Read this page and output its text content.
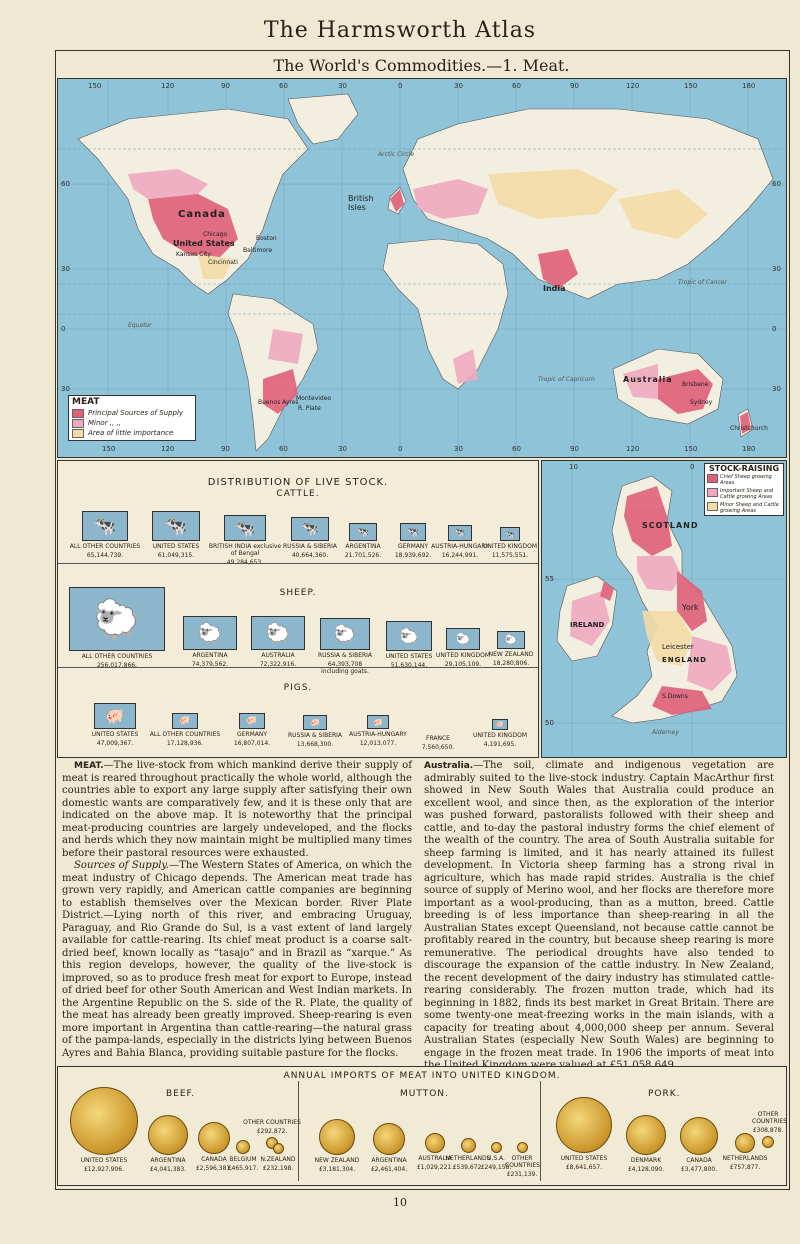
The Harmsworth Atlas
The World's Commodities.—1. Meat.
150	120	90	60	30	0	30	60	90	120	150	180
150	120	90	60	30	0	30	60	90	120	150	180
60
30
0
30
60
30
0
30
Canada
United States
Chicago
Boston
Kansas City
Baltimore
Cincinnati
British Isles
India
Australia
Brisbane
Sydney
Christchurch
Buenos Ayres
Montevideo
R. Plate
Arctic Circle
Tropic of Cancer
Tropic of Capricorn
Equator
MEAT
Principal Sources of Supply
Minor ,, ,,
Area of little importance
DISTRIBUTION OF LIVE STOCK.
CATTLE.
🐄
ALL OTHER COUNTRIES
65,144,739.
🐄
UNITED STATES
61,049,315.
🐄
BRITISH INDIA exclusive of Bengal
49,284,653.
🐄
RUSSIA & SIBERIA
40,664,360.
🐄
ARGENTINA
21,701,526.
🐄
GERMANY
18,939,692.
🐄
AUSTRIA-HUNGARY
16,244,991.
🐄
UNITED KINGDOM
11,575,551.
SHEEP.
🐑
ALL OTHER COUNTRIES
256,017,866.
🐑
ARGENTINA
74,379,562.
🐑
AUSTRALIA
72,322,916.
🐑
RUSSIA & SIBERIA
64,393,708 including goats.
🐑
UNITED STATES
51,630,144.
🐑
UNITED KINGDOM
29,105,109.
🐑
NEW ZEALAND
18,280,806.
PIGS.
🐖
UNITED STATES
47,009,367.
🐖
ALL OTHER COUNTRIES
17,128,936.
🐖
GERMANY
16,807,014.
🐖
RUSSIA & SIBERIA
13,668,300.
🐖
AUSTRIA-HUNGARY
12,013,077.
FRANCE
7,560,650.
🐖
UNITED KINGDOM
4,191,695.
STOCK-RAISING
Chief Sheep growing Areas
Important Sheep and Cattle growing Areas
Minor Sheep and Cattle growing Areas
SCOTLAND
IRELAND
ENGLAND
York
Leicester
S.Downs
Alderney
55
50
10	0

MEAT.—The live-stock from which mankind derive their supply of meat is reared throughout practically the whole world, although the countries able to export any large supply after satisfying their own domestic wants are comparatively few, and it is these only that are indicated on the above map. It is noteworthy that the principal meat-producing countries are largely undeveloped, and the flocks and herds which they now maintain might be multiplied many times before their pastoral resources were exhausted.

Sources of Supply.—The Western States of America, on which the meat industry of Chicago depends. The American meat trade has grown very rapidly, and American cattle companies are beginning to establish themselves over the Mexican border. River Plate District.—Lying north of this river, and embracing Uruguay, Paraguay, and Rio Grande do Sul, is a vast extent of land largely available for cattle-rearing. Its chief meat product is a coarse salt-dried beef, known locally as “tasajo” and in Brazil as “xarque.” As this region develops, however, the quality of the live-stock is improved, so as to produce fresh meat for export to Europe, instead of dried beef for other South American and West Indian markets. In the Argentine Republic on the S. side of the R. Plate, the quality of the meat has already been greatly improved. Sheep-rearing is even more important in Argentina than cattle-rearing—the natural grass of the pampa-lands, especially in the districts lying between Buenos Ayres and Bahia Blanca, providing suitable pasture for the flocks.

Australia.—The soil, climate and indigenous vegetation are admirably suited to the live-stock industry. Captain MacArthur first showed in New South Wales that Australia could produce an excellent wool, and since then, as the exploration of the interior was pushed forward, pastoralists followed with their sheep and cattle, and to-day the pastoral industry forms the chief element of the wealth of the country. The area of South Australia suitable for sheep farming is limited, and it has nearly attained its fullest development. In Victoria sheep farming has a strong rival in agriculture, which has made rapid strides. Australia is the chief source of supply of Merino wool, and her flocks are therefore more important as a wool-producing, than as a mutton, breed. Cattle breeding is of less importance than sheep-rearing in all the Australian States except Queensland, not because cattle cannot be profitably reared in the country, but because sheep rearing is more remunerative. The periodical droughts have also tended to discourage the expansion of the cattle industry. In New Zealand, the recent development of the dairy industry has stimulated cattle-rearing considerably. The frozen mutton trade, which had its beginning in 1882, finds its best market in Great Britain. There are some twenty-one meat-freezing works in the main islands, with a capacity for treating about 4,000,000 sheep per annum. Several Australian States (especially New South Wales) are beginning to engage in the frozen meat trade. In 1906 the imports of meat into

ANNUAL IMPORTS OF MEAT INTO UNITED KINGDOM.
BEEF.	MUTTON.	PORK.
UNITED STATES
£12,927,906.
ARGENTINA
£4,041,383.
CANADA
£2,596,381.
BELGIUM
£465,917.
OTHER COUNTRIES
£292,872.
N.ZEALAND
£232,198.
NEW ZEALAND
£3,181,304.
ARGENTINA
£2,461,404.
AUSTRALIA
£1,029,221.
NETHERLANDS
£539,672.
U.S.A.
£249,158.
OTHER COUNTRIES
£231,139.
UNITED STATES
£8,641,657.
DENMARK
£4,128,090.
CANADA
£3,477,800.
NETHERLANDS
£757,877.
OTHER COUNTRIES
£308,878.
10
